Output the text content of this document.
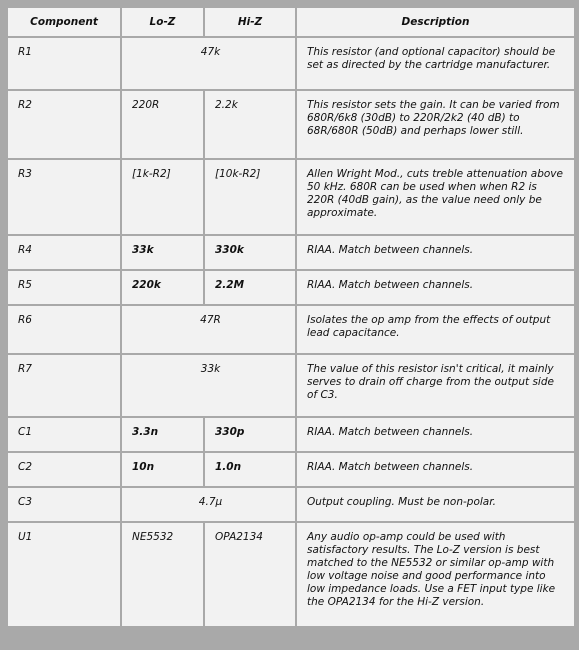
Component	Lo-Z	Hi-Z	Description
R1	47k		This resistor (and optional capacitor) should be set as directed by the cartridge manufacturer.
R2	220R	2.2k	This resistor sets the gain. It can be varied from 680R/6k8 (30dB) to 220R/2k2 (40 dB) to 68R/680R (50dB) and perhaps lower still.
R3	[1k-R2]	[10k-R2]	Allen Wright Mod., cuts treble attenuation above 50 kHz. 680R can be used when when R2 is 220R (40dB gain), as the value need only be approximate.
R4	33k	330k	RIAA. Match between channels.
R5	220k	2.2M	RIAA. Match between channels.
R6	47R		Isolates the op amp from the effects of output lead capacitance.
R7	33k		The value of this resistor isn't critical, it mainly serves to drain off charge from the output side of C3.
C1	3.3n	330p	RIAA. Match between channels.
C2	10n	1.0n	RIAA. Match between channels.
C3	4.7μ		Output coupling. Must be non-polar.
U1	NE5532	OPA2134	Any audio op-amp could be used with satisfactory results. The Lo-Z version is best matched to the NE5532 or similar op-amp with low voltage noise and good performance into low impedance loads. Use a FET input type like the OPA2134 for the Hi-Z version.
